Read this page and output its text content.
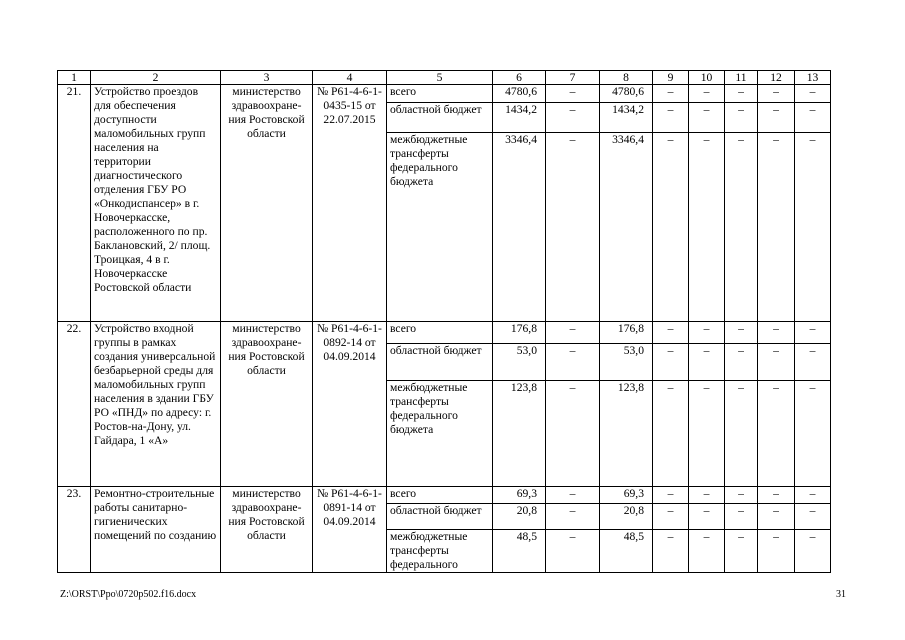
1	2	3	4	5	6	7	8	9	10	11	12	13
21.	Устройство проездов для обеспечения доступности маломобильных групп населения на территории диагностического отделения ГБУ РО «Онкодиспансер» в г. Новочеркасске, расположенного по пр. Баклановский, 2/ площ. Троицкая, 4 в г. Новочеркасске Ростовской области	министерство здравоохране-ния Ростовской области	№ Р61-4-6-1-0435-15 от 22.07.2015	всего	4780,6	–	4780,6	–	–	–	–	–
				областной бюджет	1434,2	–	1434,2	–	–	–	–	–
				межбюджетные трансферты федерального бюджета	3346,4	–	3346,4	–	–	–	–	–
22.	Устройство входной группы в рамках создания универсальной безбарьерной среды для маломобильных групп населения в здании ГБУ РО «ПНД» по адресу: г. Ростов-на-Дону, ул. Гайдара, 1 «А»	министерство здравоохране-ния Ростовской области	№ Р61-4-6-1-0892-14 от 04.09.2014	всего	176,8	–	176,8	–	–	–	–	–
				областной бюджет	53,0	–	53,0	–	–	–	–	–
				межбюджетные трансферты федерального бюджета	123,8	–	123,8	–	–	–	–	–
23.	Ремонтно-строительные работы санитарно-гигиенических помещений по созданию	министерство здравоохране-ния Ростовской области	№ Р61-4-6-1-0891-14 от 04.09.2014	всего	69,3	–	69,3	–	–	–	–	–
				областной бюджет	20,8	–	20,8	–	–	–	–	–
				межбюджетные трансферты федерального	48,5	–	48,5	–	–	–	–	–
Z:\ORST\Ppo\0720p502.f16.docx	31
